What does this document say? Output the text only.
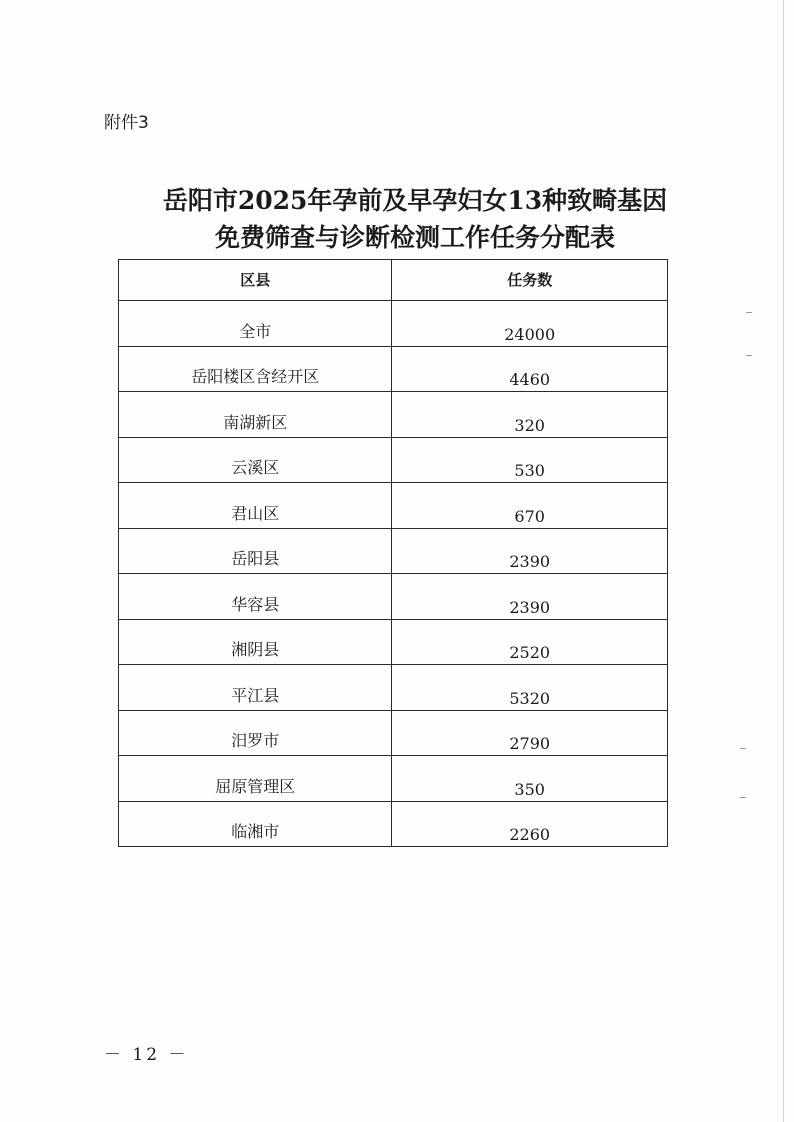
附件3
岳阳市2025年孕前及早孕妇女13种致畸基因
免费筛查与诊断检测工作任务分配表
区县	任务数
全市	24000
岳阳楼区含经开区	4460
南湖新区	320
云溪区	530
君山区	670
岳阳县	2390
华容县	2390
湘阴县	2520
平江县	5320
汨罗市	2790
屈原管理区	350
临湘市	2260
－ 12 －
